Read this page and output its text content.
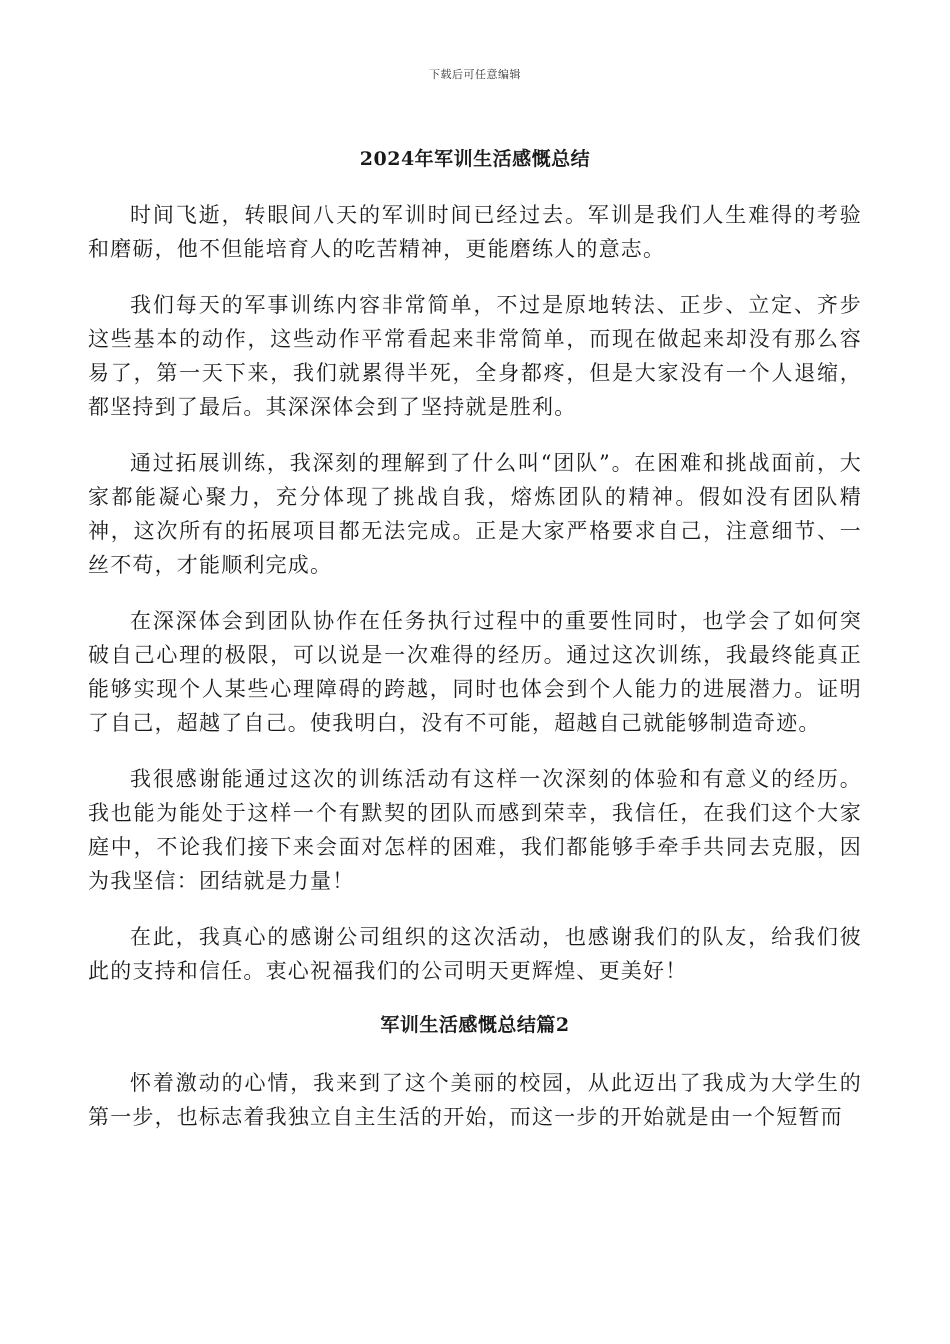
下载后可任意编辑
2024年军训生活感慨总结

时间飞逝，转眼间八天的军训时间已经过去。军训是我们人生难得的考验和磨砺，他不但能培育人的吃苦精神，更能磨练人的意志。

我们每天的军事训练内容非常简单，不过是原地转法、正步、立定、齐步这些基本的动作，这些动作平常看起来非常简单，而现在做起来却没有那么容易了，第一天下来，我们就累得半死，全身都疼，但是大家没有一个人退缩，都坚持到了最后。其深深体会到了坚持就是胜利。

通过拓展训练，我深刻的理解到了什么叫“团队”。在困难和挑战面前，大家都能凝心聚力，充分体现了挑战自我，熔炼团队的精神。假如没有团队精神，这次所有的拓展项目都无法完成。正是大家严格要求自己，注意细节、一丝不苟，才能顺利完成。

在深深体会到团队协作在任务执行过程中的重要性同时，也学会了如何突破自己心理的极限，可以说是一次难得的经历。通过这次训练，我最终能真正能够实现个人某些心理障碍的跨越，同时也体会到个人能力的进展潜力。证明了自己，超越了自己。使我明白，没有不可能，超越自己就能够制造奇迹。

我很感谢能通过这次的训练活动有这样一次深刻的体验和有意义的经历。我也能为能处于这样一个有默契的团队而感到荣幸，我信任，在我们这个大家庭中，不论我们接下来会面对怎样的困难，我们都能够手牵手共同去克服，因为我坚信：团结就是力量！

在此，我真心的感谢公司组织的这次活动，也感谢我们的队友，给我们彼此的支持和信任。衷心祝福我们的公司明天更辉煌、更美好！

军训生活感慨总结篇2

怀着激动的心情，我来到了这个美丽的校园，从此迈出了我成为大学生的第一步，也标志着我独立自主生活的开始，而这一步的开始就是由一个短暂而
